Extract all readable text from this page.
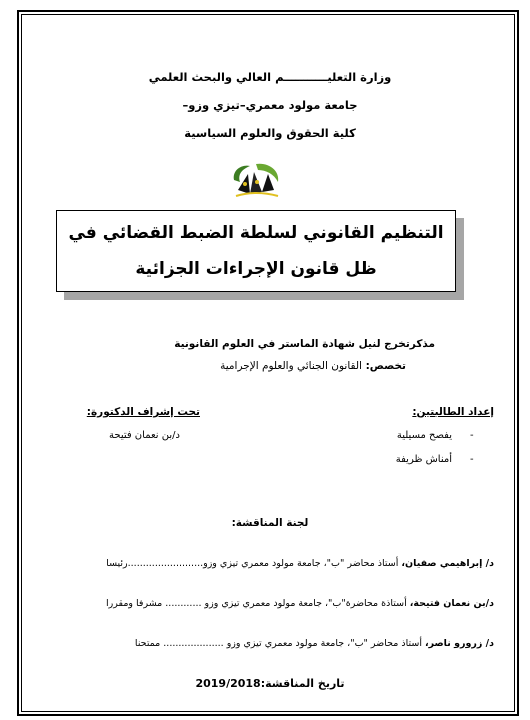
وزارة التعليـــــــــــم العالي والبحث العلمي
جامعة مولود معمري–تيزي وزو–
كلية الحقوق والعلوم السياسية
التنظيم القانوني لسلطة الضبط القضائي في ظل قانون الإجراءات الجزائية
مذكرتخرج لنيل شهادة الماستر في العلوم القانونية
تخصص: القانون الجنائي والعلوم الإجرامية
إعداد الطالبتين:
تحت إشراف الدكتورة:
د/بن نعمان فتيحة	-
يفصح مسيلية
-
أمناش ظريفة
لجنة المناقشة:
د/ إبراهيمي صفيان، أستاذ محاضر "ب"، جامعة مولود معمري تيزي وزو.........................رئيسا
د/بن نعمان فتيحة، أستاذة محاضرة"ب"، جامعة مولود معمري تيزي وزو ............ مشرفا ومقررا
د/ زرورو ناصر، أستاذ محاضر "ب"، جامعة مولود معمري تيزي وزو .................... ممتحنا
تاريخ المناقشة:2019/2018
